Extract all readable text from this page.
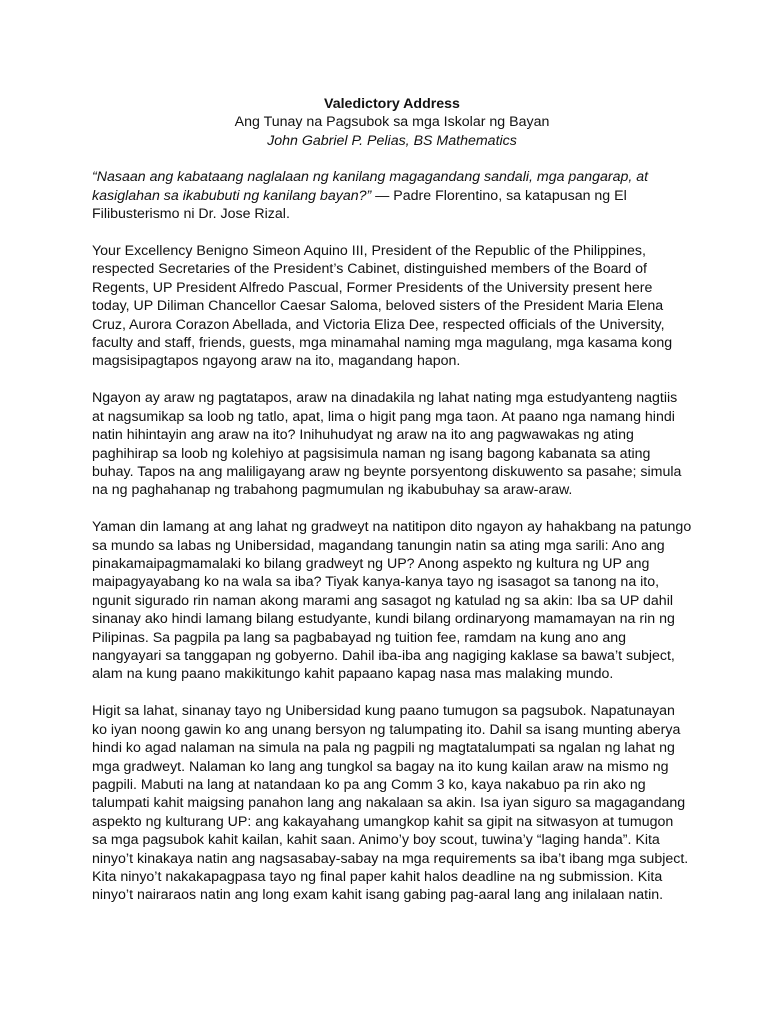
Valedictory Address
Ang Tunay na Pagsubok sa mga Iskolar ng Bayan
John Gabriel P. Pelias, BS Mathematics

“Nasaan ang kabataang naglalaan ng kanilang magagandang sandali, mga pangarap, at kasiglahan sa ikabubuti ng kanilang bayan?” — Padre Florentino, sa katapusan ng El Filibusterismo ni Dr. Jose Rizal.

Your Excellency Benigno Simeon Aquino III, President of the Republic of the Philippines, respected Secretaries of the President’s Cabinet, distinguished members of the Board of Regents, UP President Alfredo Pascual, Former Presidents of the University present here today, UP Diliman Chancellor Caesar Saloma, beloved sisters of the President Maria Elena Cruz, Aurora Corazon Abellada, and Victoria Eliza Dee, respected officials of the University, faculty and staff, friends, guests, mga minamahal naming mga magulang, mga kasama kong magsisipagtapos ngayong araw na ito, magandang hapon.

Ngayon ay araw ng pagtatapos, araw na dinadakila ng lahat nating mga estudyanteng nagtiis at nagsumikap sa loob ng tatlo, apat, lima o higit pang mga taon. At paano nga namang hindi natin hihintayin ang araw na ito? Inihuhudyat ng araw na ito ang pagwawakas ng ating paghihirap sa loob ng kolehiyo at pagsisimula naman ng isang bagong kabanata sa ating buhay. Tapos na ang maliligayang araw ng beynte porsyentong diskuwento sa pasahe; simula na ng paghahanap ng trabahong pagmumulan ng ikabubuhay sa araw-araw.

Yaman din lamang at ang lahat ng gradweyt na natitipon dito ngayon ay hahakbang na patungo sa mundo sa labas ng Unibersidad, magandang tanungin natin sa ating mga sarili: Ano ang pinakamaipagmamalaki ko bilang gradweyt ng UP? Anong aspekto ng kultura ng UP ang maipagyayabang ko na wala sa iba? Tiyak kanya-kanya tayo ng isasagot sa tanong na ito, ngunit sigurado rin naman akong marami ang sasagot ng katulad ng sa akin: Iba sa UP dahil sinanay ako hindi lamang bilang estudyante, kundi bilang ordinaryong mamamayan na rin ng Pilipinas. Sa pagpila pa lang sa pagbabayad ng tuition fee, ramdam na kung ano ang nangyayari sa tanggapan ng gobyerno. Dahil iba-iba ang nagiging kaklase sa bawa’t subject, alam na kung paano makikitungo kahit papaano kapag nasa mas malaking mundo.

Higit sa lahat, sinanay tayo ng Unibersidad kung paano tumugon sa pagsubok. Napatunayan ko iyan noong gawin ko ang unang bersyon ng talumpating ito. Dahil sa isang munting aberya hindi ko agad nalaman na simula na pala ng pagpili ng magtatalumpati sa ngalan ng lahat ng mga gradweyt. Nalaman ko lang ang tungkol sa bagay na ito kung kailan araw na mismo ng pagpili. Mabuti na lang at natandaan ko pa ang Comm 3 ko, kaya nakabuo pa rin ako ng talumpati kahit maigsing panahon lang ang nakalaan sa akin. Isa iyan siguro sa magagandang aspekto ng kulturang UP: ang kakayahang umangkop kahit sa gipit na sitwasyon at tumugon sa mga pagsubok kahit kailan, kahit saan. Animo’y boy scout, tuwina’y “laging handa”. Kita ninyo’t kinakaya natin ang nagsasabay-sabay na mga requirements sa iba’t ibang mga subject. Kita ninyo’t nakakapagpasa tayo ng final paper kahit halos deadline na ng submission. Kita ninyo’t nairaraos natin ang long exam kahit isang gabing pag-aaral lang ang inilalaan natin.
